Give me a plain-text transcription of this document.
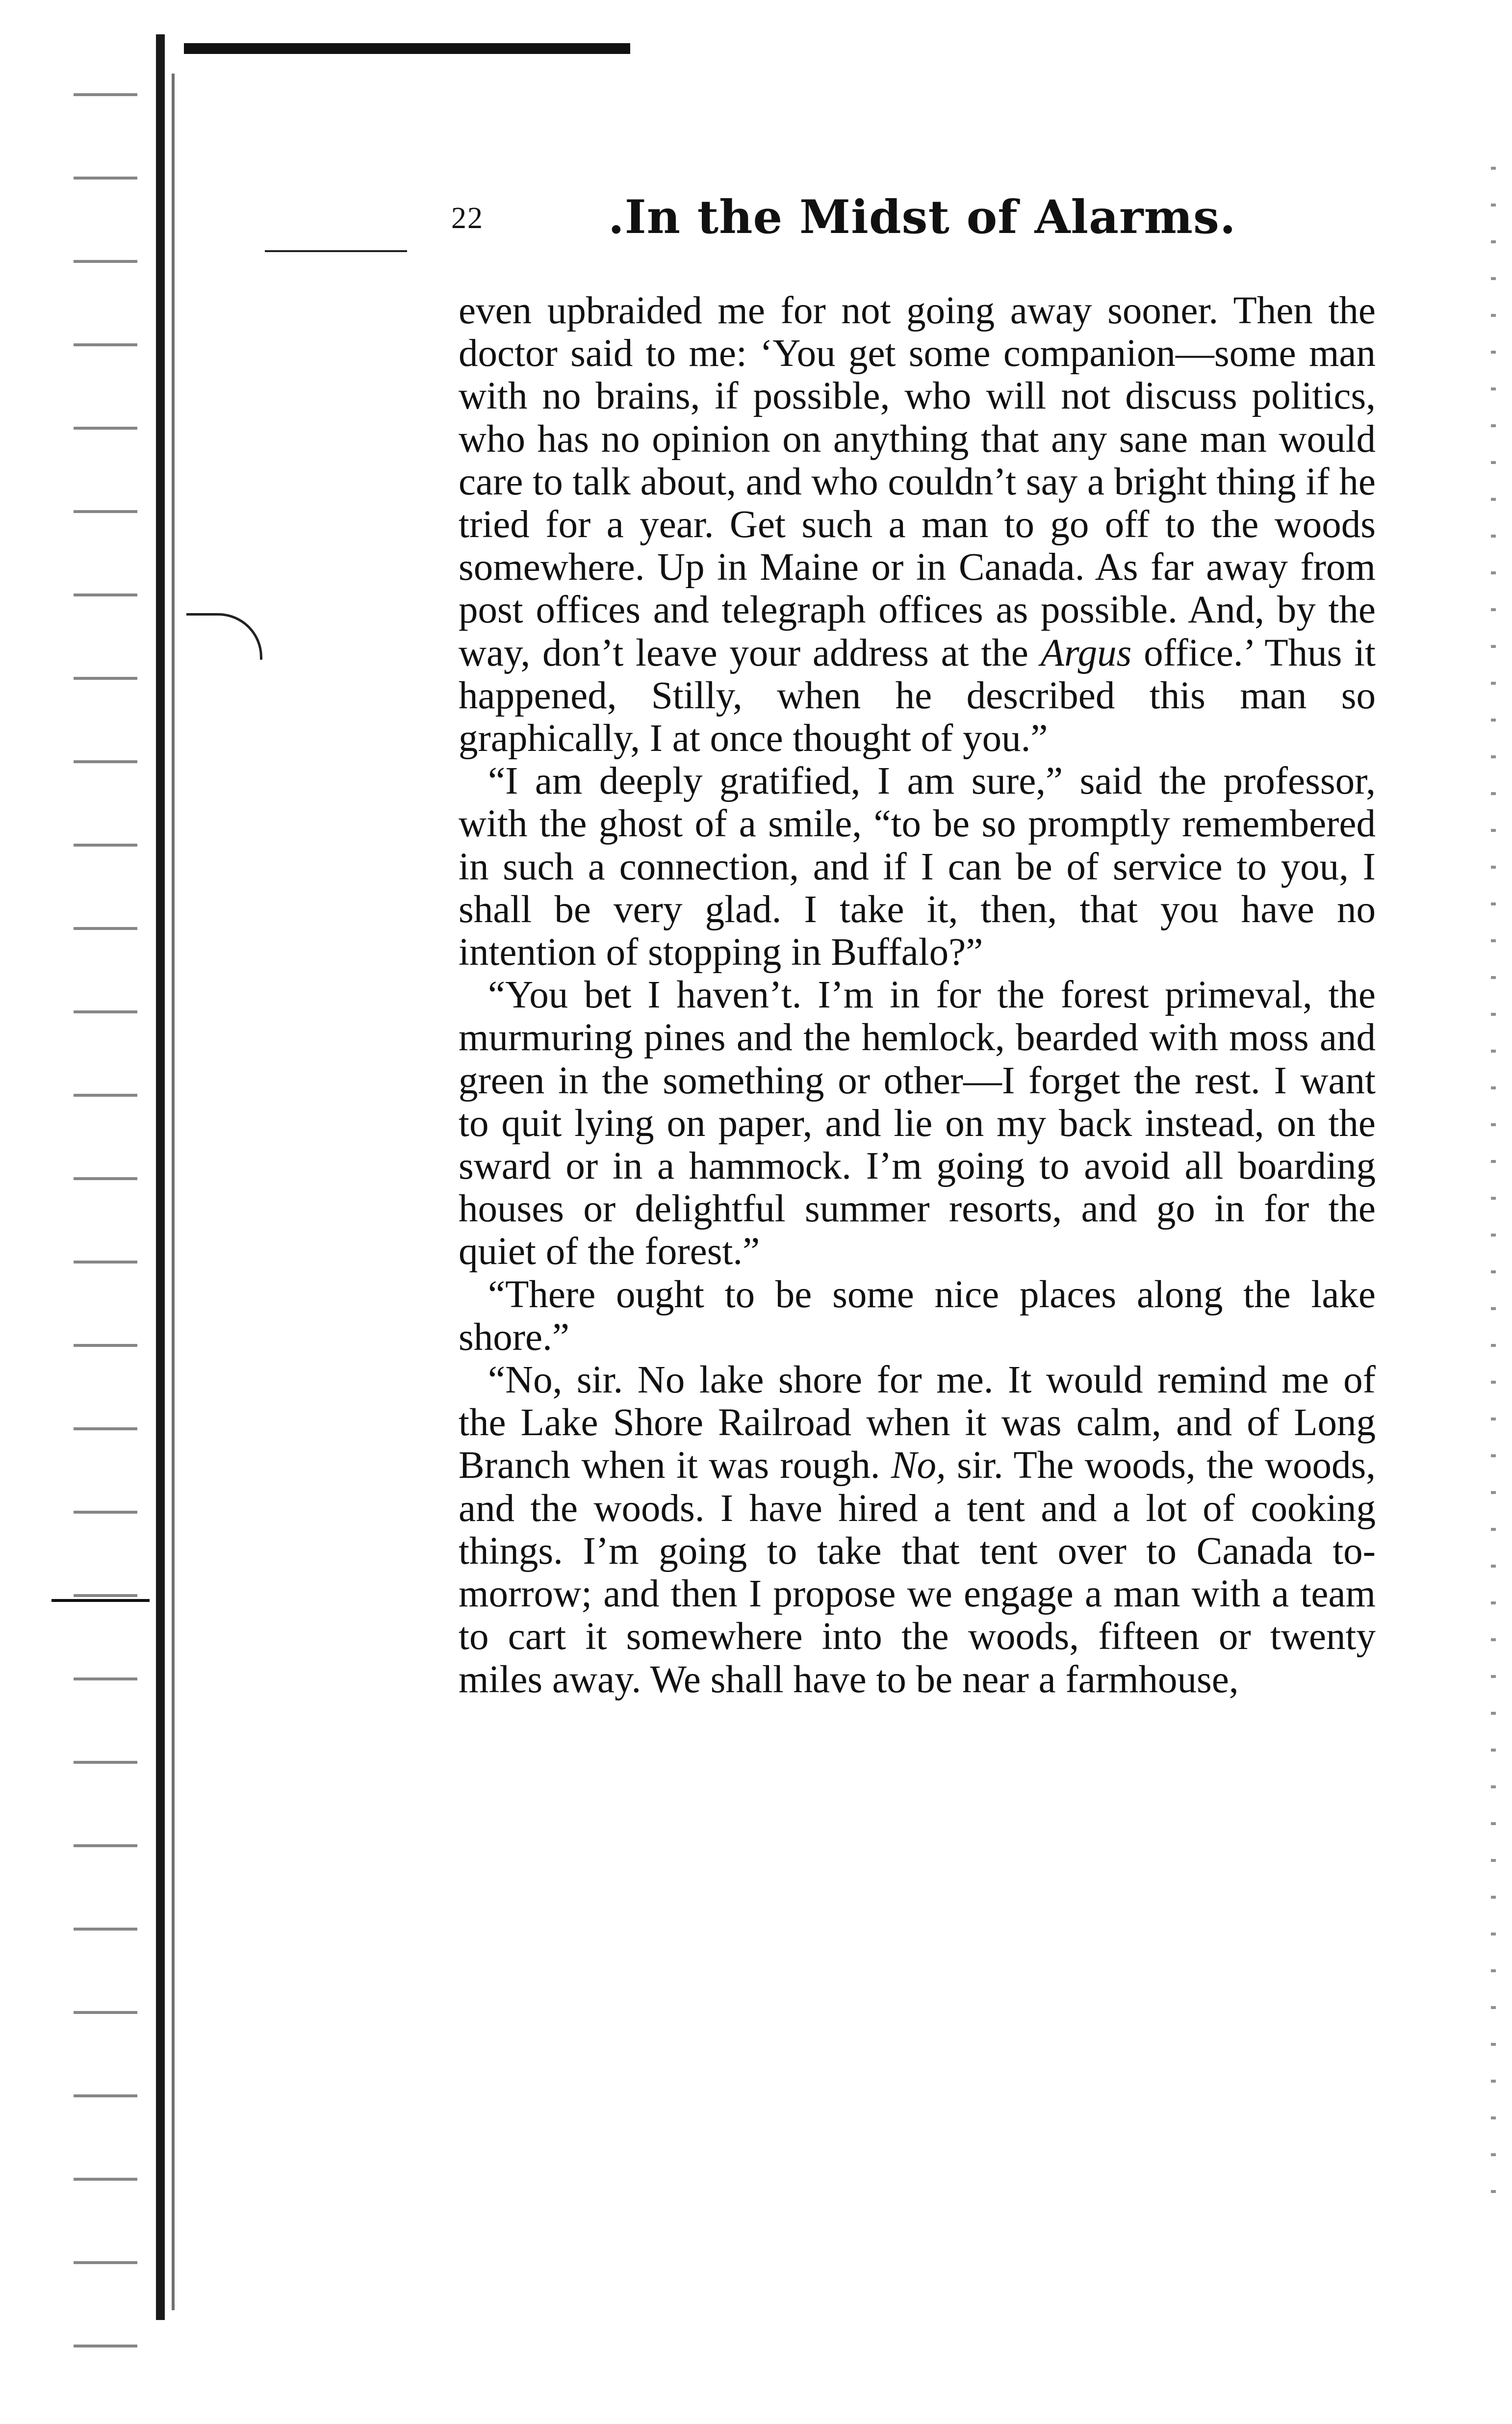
22	.In the Midst of Alarms.

even upbraided me for not going away sooner. Then the doctor said to me: ‘You get some companion—some man with no brains, if possible, who will not discuss politics, who has no opinion on anything that any sane man would care to talk about, and who couldn’t say a bright thing if he tried for a year. Get such a man to go off to the woods somewhere. Up in Maine or in Canada. As far away from post offices and telegraph offices as possible. And, by the way, don’t leave your address at the Argus office.’ Thus it happened, Stilly, when he described this man so graphically, I at once thought of you.”

“I am deeply gratified, I am sure,” said the professor, with the ghost of a smile, “to be so promptly remembered in such a connection, and if I can be of service to you, I shall be very glad. I take it, then, that you have no intention of stopping in Buffalo?”

“You bet I haven’t. I’m in for the forest primeval, the murmuring pines and the hemlock, bearded with moss and green in the something or other—I forget the rest. I want to quit lying on paper, and lie on my back instead, on the sward or in a hammock. I’m going to avoid all boarding houses or delightful summer resorts, and go in for the quiet of the forest.”

“There ought to be some nice places along the lake shore.”

“No, sir. No lake shore for me. It would remind me of the Lake Shore Railroad when it was calm, and of Long Branch when it was rough. No, sir. The woods, the woods, and the woods. I have hired a tent and a lot of cooking things. I’m going to take that tent over to Canada to-morrow; and then I propose we engage a man with a team to cart it somewhere into the woods, fifteen or twenty miles away. We shall have to be near a farmhouse,
